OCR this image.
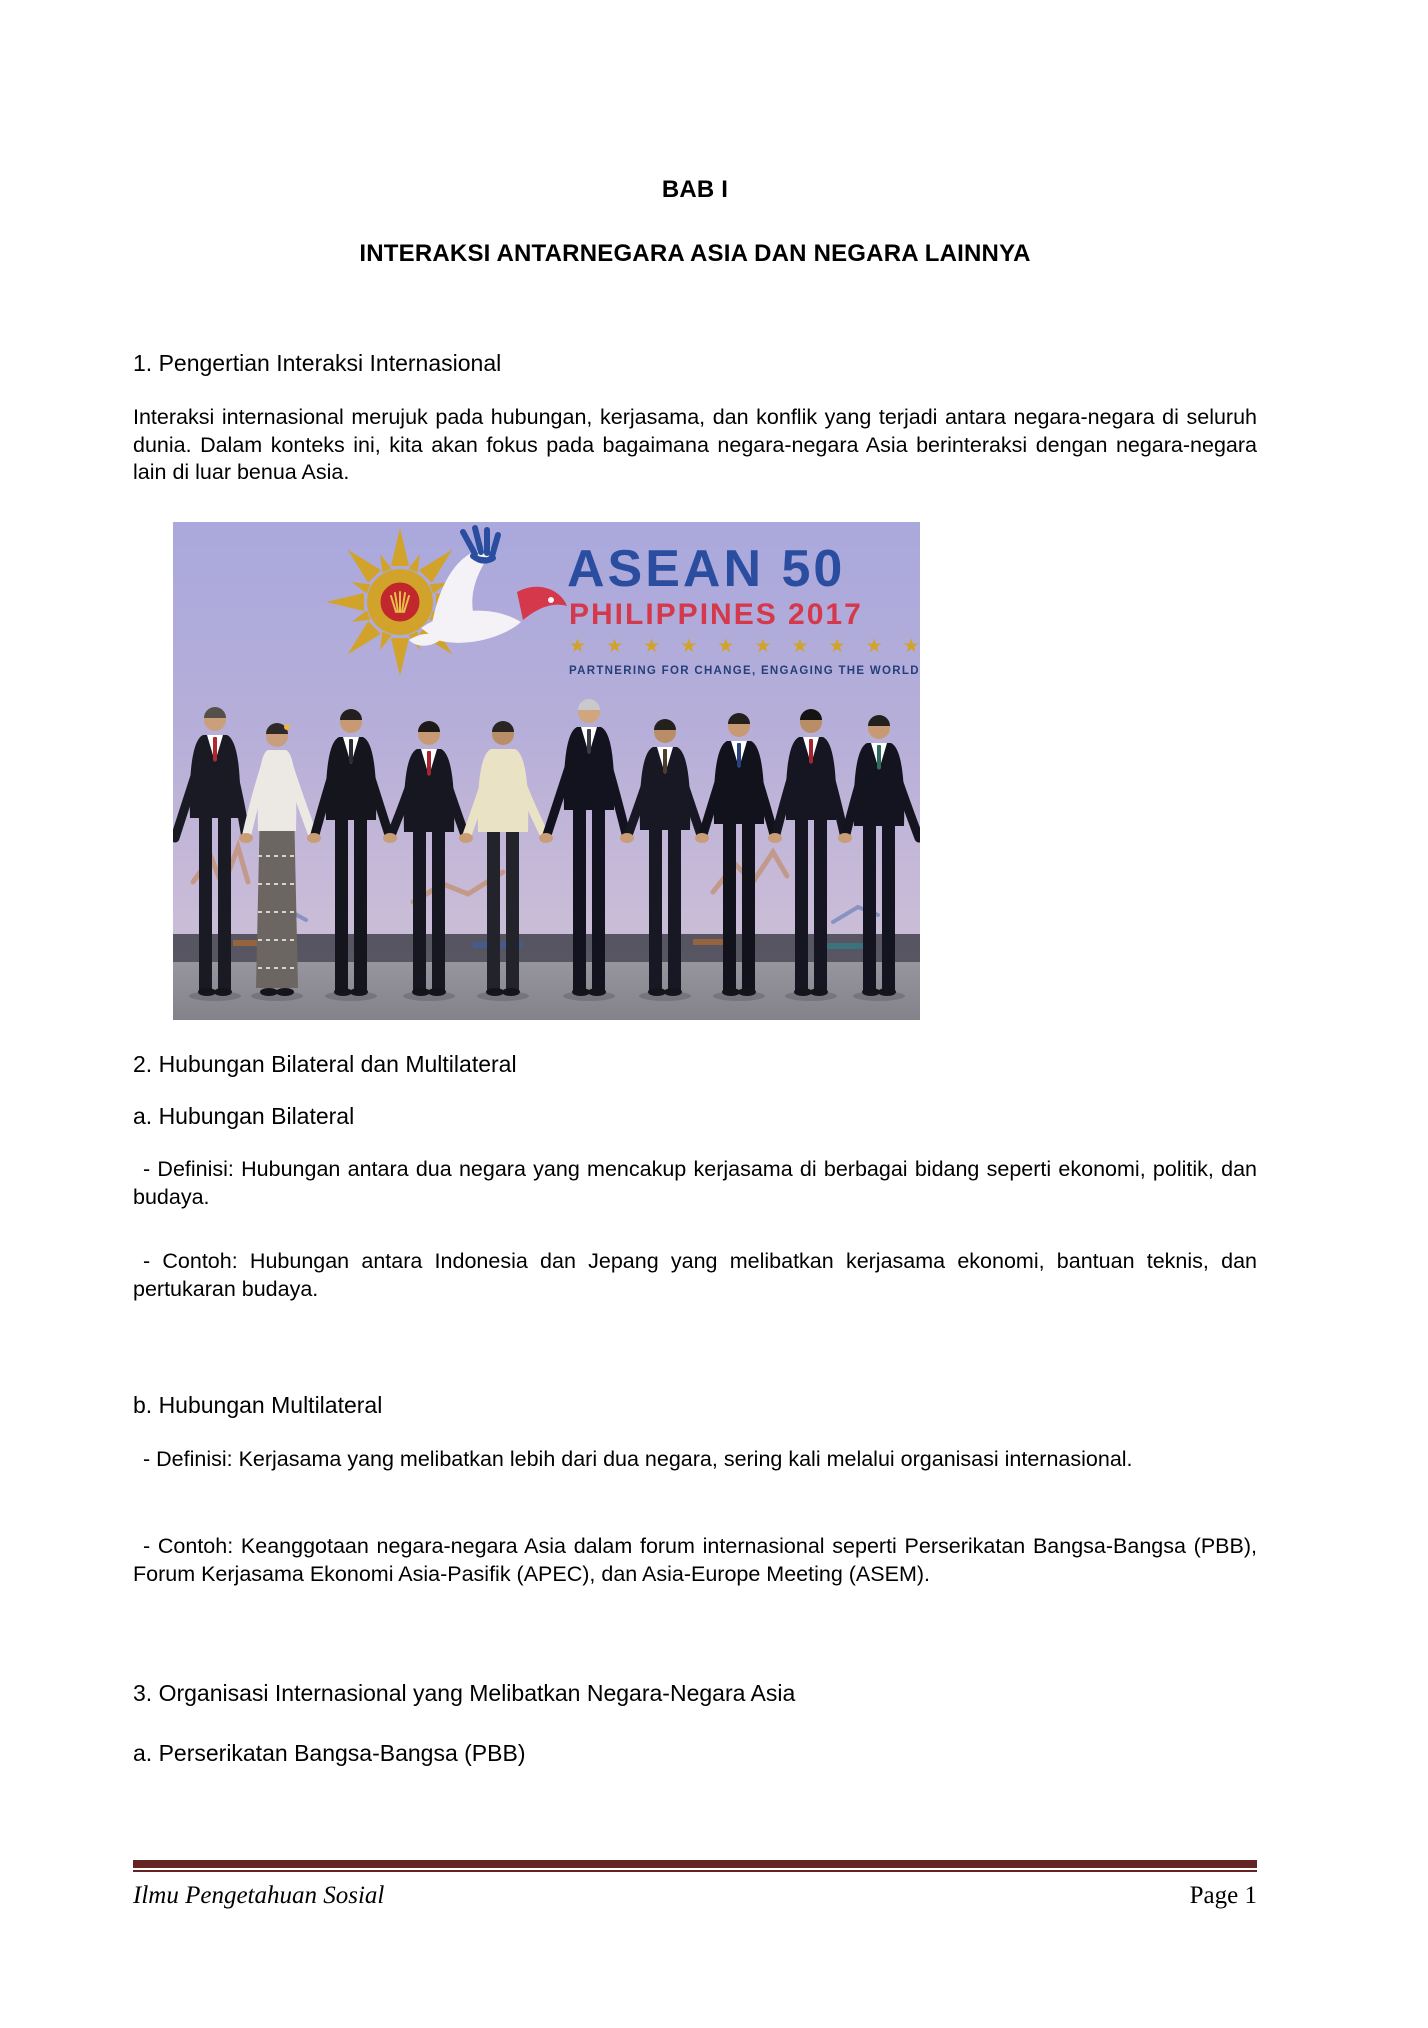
BAB I
INTERAKSI ANTARNEGARA ASIA DAN NEGARA LAINNYA
1. Pengertian Interaksi Internasional
Interaksi internasional merujuk pada hubungan, kerjasama, dan konflik yang terjadi antara negara-negara di seluruh dunia. Dalam konteks ini, kita akan fokus pada bagaimana negara-negara Asia berinteraksi dengan negara-negara lain di luar benua Asia.
ASEAN 50
PHILIPPINES 2017
★ ★ ★ ★ ★ ★ ★ ★ ★ ★
PARTNERING FOR CHANGE, ENGAGING THE WORLD
2. Hubungan Bilateral dan Multilateral
a. Hubungan Bilateral
- Definisi: Hubungan antara dua negara yang mencakup kerjasama di berbagai bidang seperti ekonomi, politik, dan budaya.
- Contoh: Hubungan antara Indonesia dan Jepang yang melibatkan kerjasama ekonomi, bantuan teknis, dan pertukaran budaya.
b. Hubungan Multilateral
- Definisi: Kerjasama yang melibatkan lebih dari dua negara, sering kali melalui organisasi internasional.
- Contoh: Keanggotaan negara-negara Asia dalam forum internasional seperti Perserikatan Bangsa-Bangsa (PBB), Forum Kerjasama Ekonomi Asia-Pasifik (APEC), dan Asia-Europe Meeting (ASEM).
3. Organisasi Internasional yang Melibatkan Negara-Negara Asia
a. Perserikatan Bangsa-Bangsa (PBB)
Ilmu Pengetahuan Sosial	Page 1
